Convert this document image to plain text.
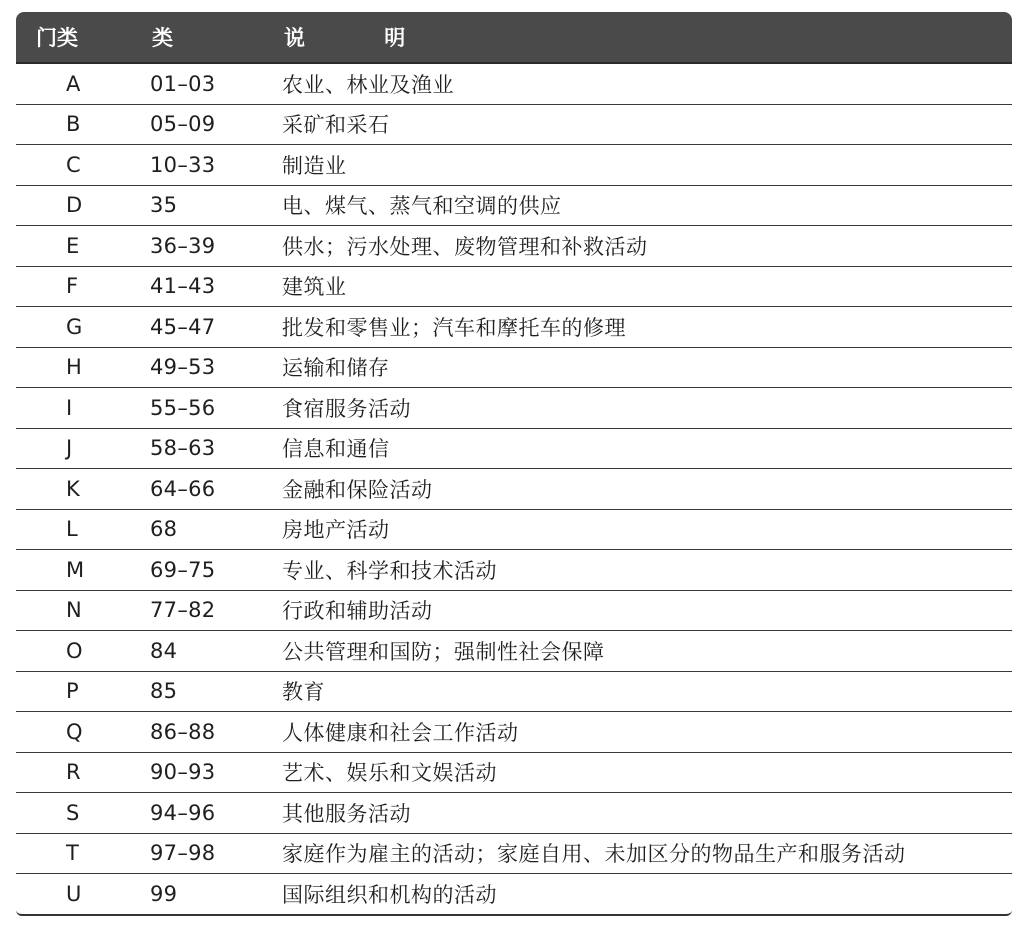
门类	类	说 明
A	01–03	农业、林业及渔业
B	05–09	采矿和采石
C	10–33	制造业
D	35	电、煤气、蒸气和空调的供应
E	36–39	供水；污水处理、废物管理和补救活动
F	41–43	建筑业
G	45–47	批发和零售业；汽车和摩托车的修理
H	49–53	运输和储存
I	55–56	食宿服务活动
J	58–63	信息和通信
K	64–66	金融和保险活动
L	68	房地产活动
M	69–75	专业、科学和技术活动
N	77–82	行政和辅助活动
O	84	公共管理和国防；强制性社会保障
P	85	教育
Q	86–88	人体健康和社会工作活动
R	90–93	艺术、娱乐和文娱活动
S	94–96	其他服务活动
T	97–98	家庭作为雇主的活动；家庭自用、未加区分的物品生产和服务活动
U	99	国际组织和机构的活动
